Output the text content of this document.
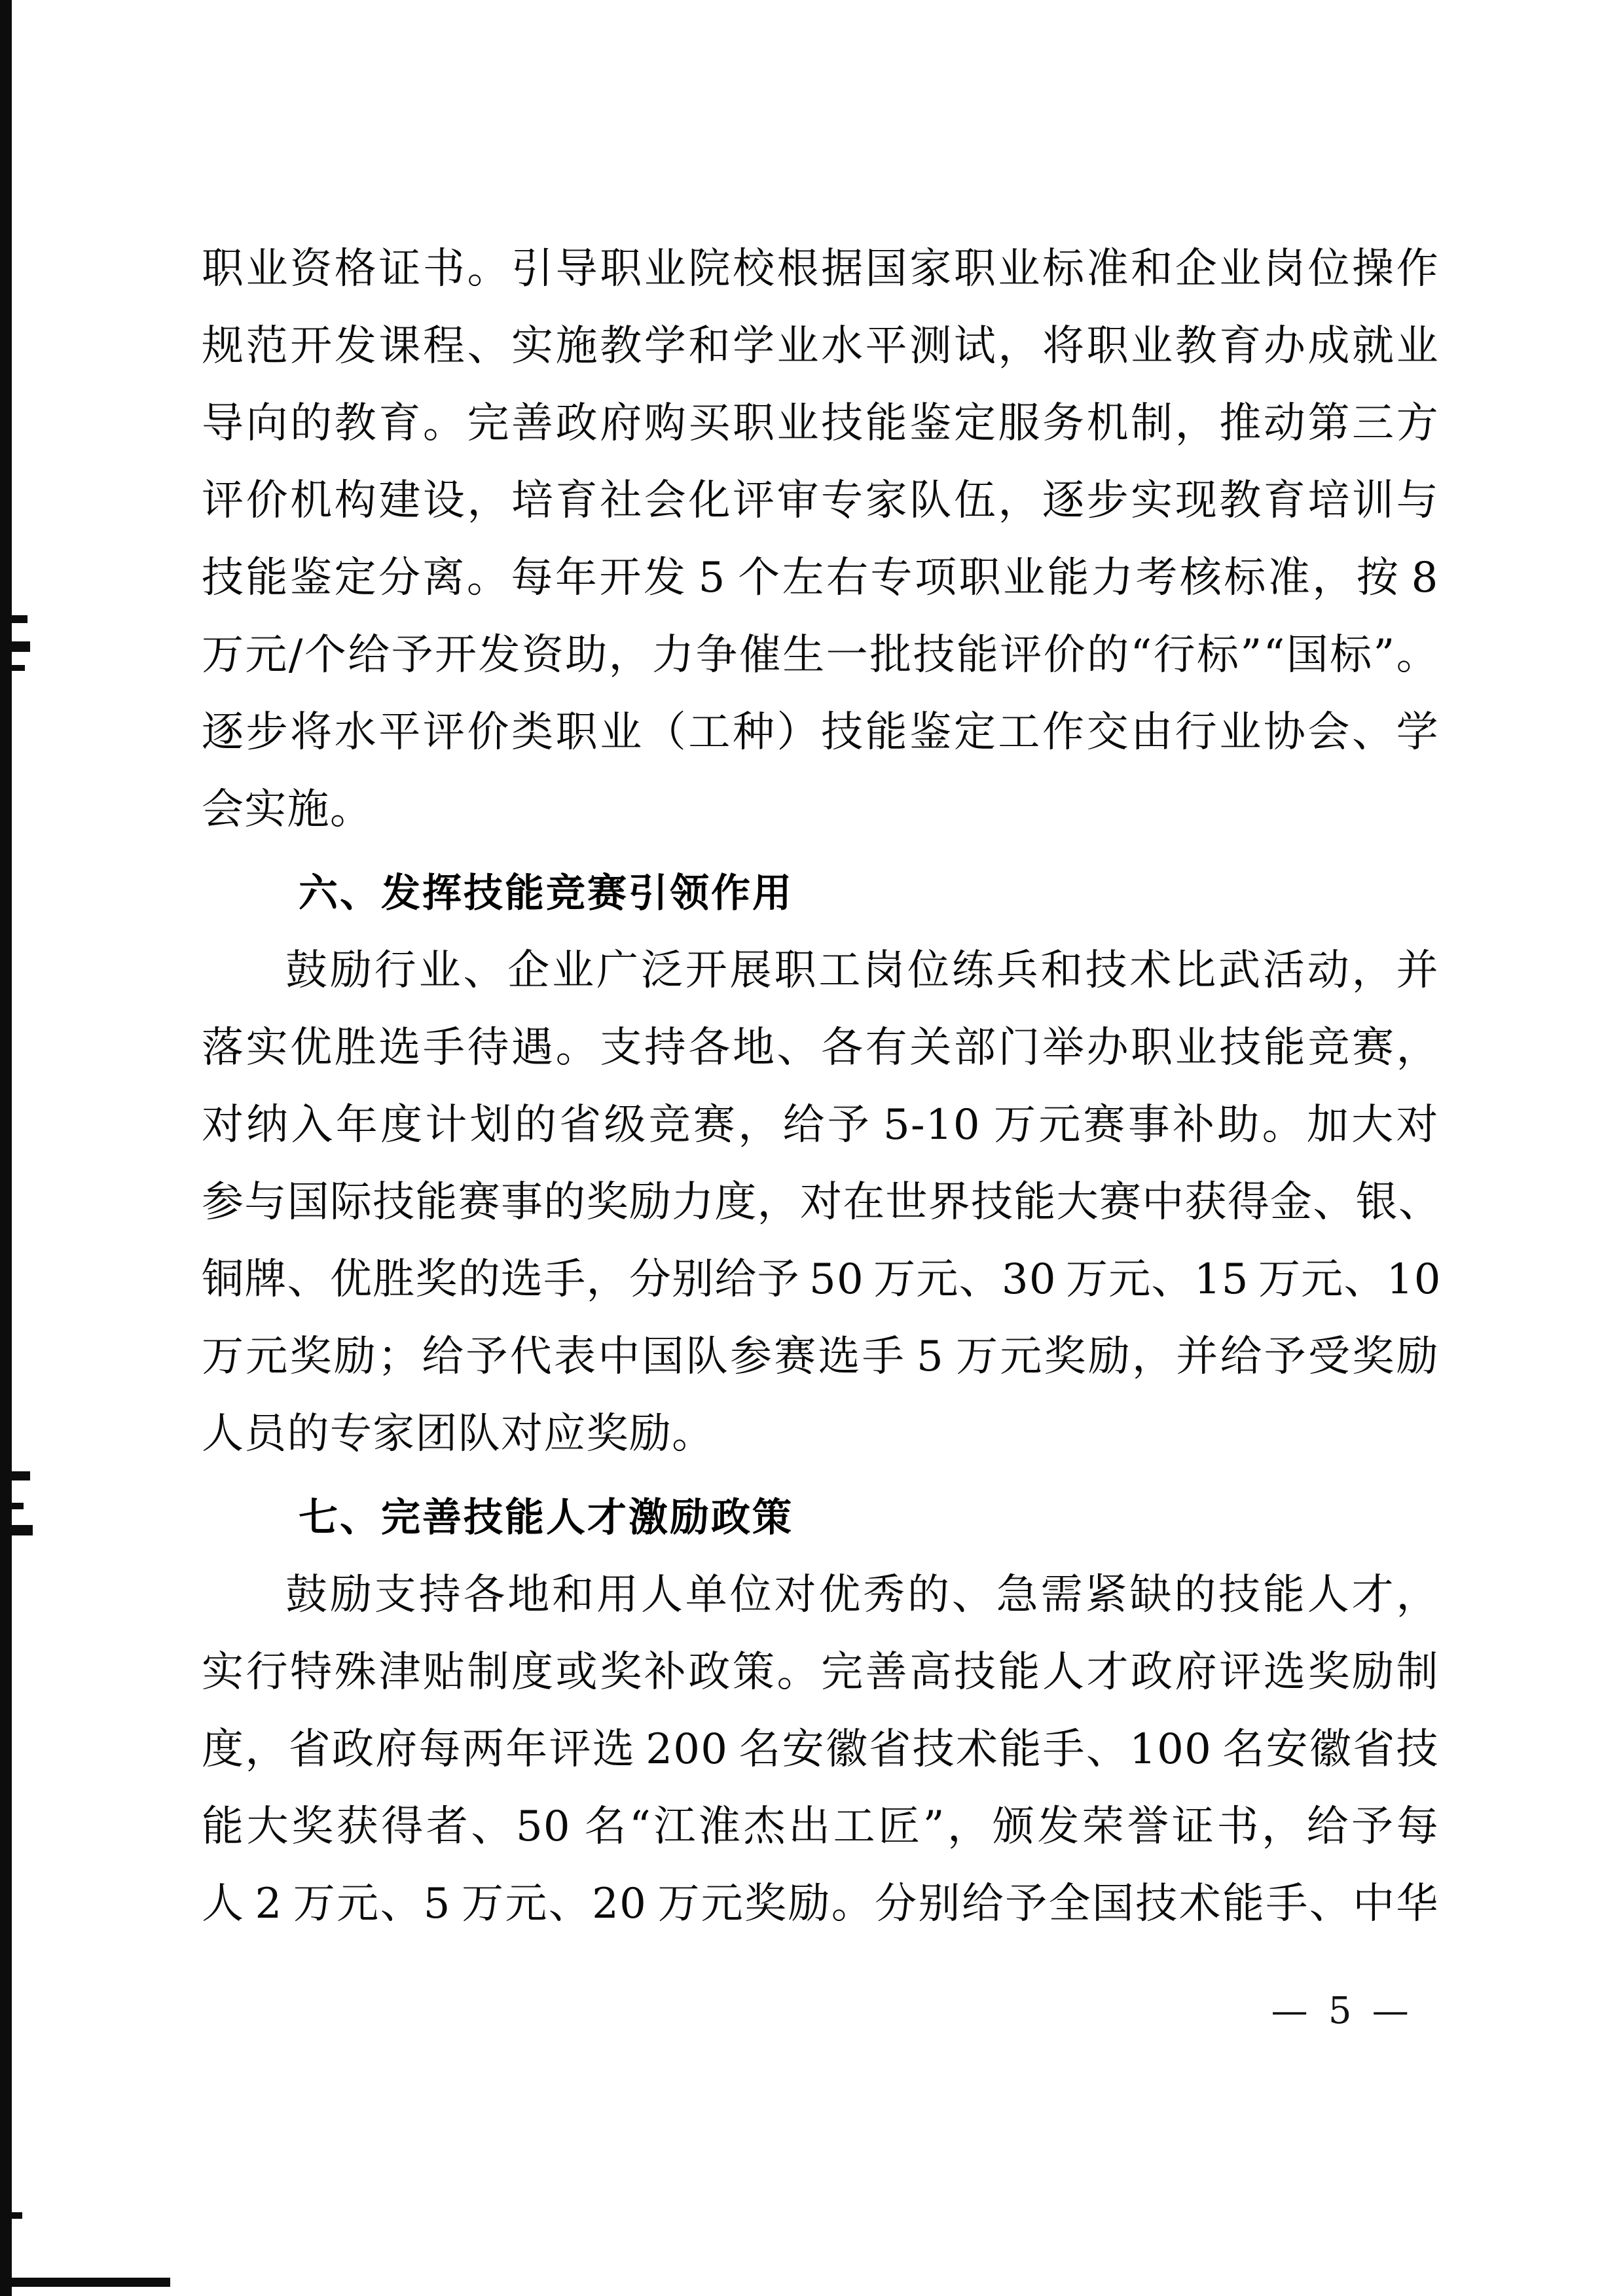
职 业 资 格 证 书 。 引 导 职 业 院 校 根 据 国 家 职 业 标 准 和 企 业 岗 位 操 作
规 范 开 发 课 程 、 实 施 教 学 和 学 业 水 平 测 试 ， 将 职 业 教 育 办 成 就 业
导 向 的 教 育 。 完 善 政 府 购 买 职 业 技 能 鉴 定 服 务 机 制 ， 推 动 第 三 方
评 价 机 构 建 设 ， 培 育 社 会 化 评 审 专 家 队 伍 ， 逐 步 实 现 教 育 培 训 与
技 能 鉴 定 分 离 。 每 年 开 发
  5
  个 左 右 专 项 职 业 能 力 考 核 标 准 ， 按
  8
万 元 / 个 给 予 开 发 资 助 ， 力 争 催 生 一 批 技 能 评 价 的 “ 行 标 ” “ 国 标 ” 。
逐 步 将 水 平 评 价 类 职 业 （ 工 种 ） 技 能 鉴 定 工 作 交 由 行 业 协 会 、 学
会实施。
六、发挥技能竞赛引领作用
鼓 励 行 业 、 企 业 广 泛 开 展 职 工 岗 位 练 兵 和 技 术 比 武 活 动 ， 并
落 实 优 胜 选 手 待 遇 。 支 持 各 地 、 各 有 关 部 门 举 办 职 业 技 能 竞 赛 ，
对 纳 入 年 度 计 划 的 省 级 竞 赛 ， 给 予
  5-10
  万 元 赛 事 补 助 。 加 大 对
参 与 国 际 技 能 赛 事 的 奖 励 力 度 ， 对 在 世 界 技 能 大 赛 中 获 得 金 、 银 、
铜 牌 、 优 胜 奖 的 选 手 ， 分 别 给 予
  50
  万 元 、 30
  万 元 、 15
  万 元 、 10
万 元 奖 励 ； 给 予 代 表 中 国 队 参 赛 选 手
  5
  万 元 奖 励 ， 并 给 予 受 奖 励
人员的专家团队对应奖励。
七、完善技能人才激励政策
鼓 励 支 持 各 地 和 用 人 单 位 对 优 秀 的 、 急 需 紧 缺 的 技 能 人 才 ，
实 行 特 殊 津 贴 制 度 或 奖 补 政 策 。 完 善 高 技 能 人 才 政 府 评 选 奖 励 制
度 ， 省 政 府 每 两 年 评 选
  200
  名 安 徽 省 技 术 能 手 、 100
  名 安 徽 省 技
能 大 奖 获 得 者 、 50
  名 “ 江 淮 杰 出 工 匠 ” ， 颁 发 荣 誉 证 书 ， 给 予 每
人
  2
  万 元 、 5
  万 元 、 20
  万 元 奖 励 。 分 别 给 予 全 国 技 术 能 手 、 中 华
— 5 —
